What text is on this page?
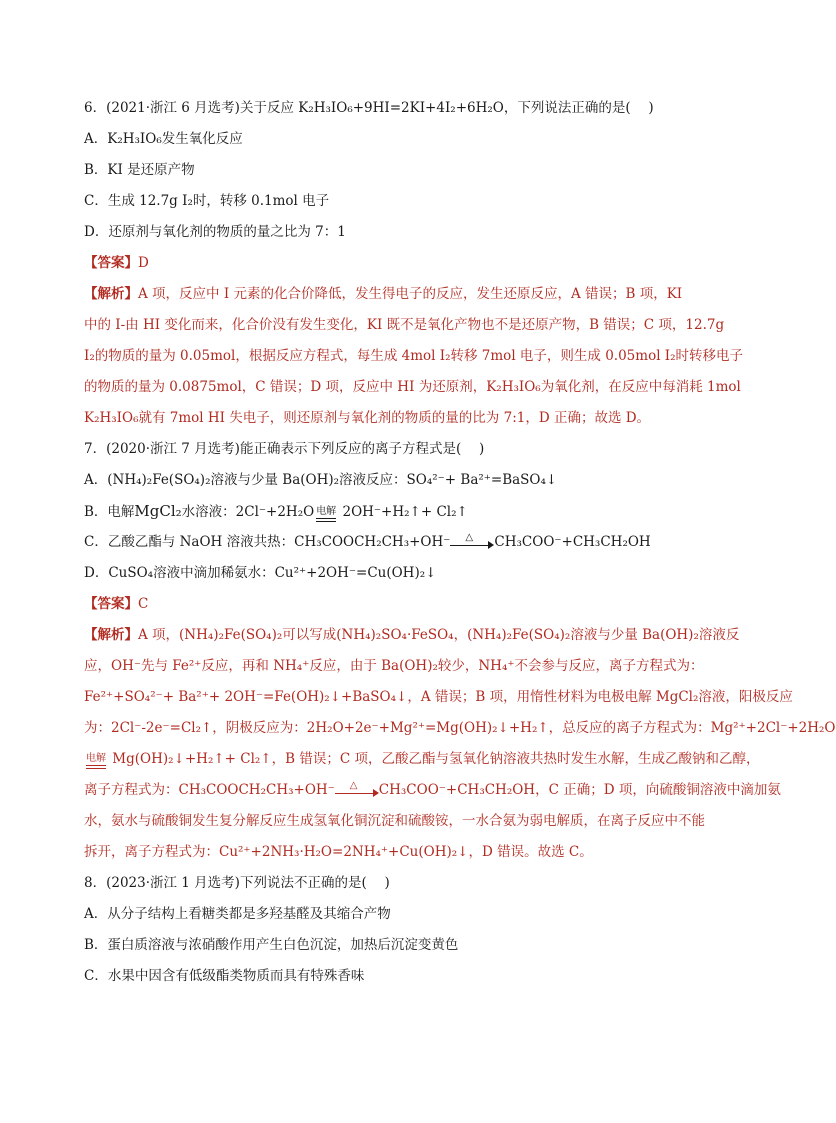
6．(2021·浙江 6 月选考)关于反应 K₂H₃IO₆+9HI=2KI+4I₂+6H₂O，下列说法正确的是(　 )
A．K₂H₃IO₆发生氧化反应
B．KI 是还原产物
C．生成 12.7g I₂时，转移 0.1mol 电子
D．还原剂与氧化剂的物质的量之比为 7：1
【答案】D
【解析】A 项，反应中 I 元素的化合价降低，发生得电子的反应，发生还原反应，A 错误；B 项，KI
中的 I-由 HI 变化而来，化合价没有发生变化，KI 既不是氧化产物也不是还原产物，B 错误；C 项，12.7g
I₂的物质的量为 0.05mol，根据反应方程式，每生成 4mol I₂转移 7mol 电子，则生成 0.05mol I₂时转移电子
的物质的量为 0.0875mol，C 错误；D 项，反应中 HI 为还原剂，K₂H₃IO₆为氧化剂，在反应中每消耗 1mol
K₂H₃IO₆就有 7mol HI 失电子，则还原剂与氧化剂的物质的量的比为 7:1，D 正确；故选 D。
7．(2020·浙江 7 月选考)能正确表示下列反应的离子方程式是(　 )
A．(NH₄)₂Fe(SO₄)₂溶液与少量 Ba(OH)₂溶液反应：SO₄²⁻+ Ba²⁺=BaSO₄↓
B．电解MgCl₂水溶液：2Cl⁻+2H₂O 电解
2OH⁻+H₂↑+ Cl₂↑
C．乙酸乙酯与 NaOH 溶液共热：CH₃COOCH₂CH₃+OH⁻ △ CH₃COO⁻+CH₃CH₂OH
D．CuSO₄溶液中滴加稀氨水：Cu²⁺+2OH⁻=Cu(OH)₂↓
【答案】C
【解析】A 项，(NH₄)₂Fe(SO₄)₂可以写成(NH₄)₂SO₄·FeSO₄，(NH₄)₂Fe(SO₄)₂溶液与少量 Ba(OH)₂溶液反
应，OH⁻先与 Fe²⁺反应，再和 NH₄⁺反应，由于 Ba(OH)₂较少，NH₄⁺不会参与反应，离子方程式为：
Fe²⁺+SO₄²⁻+ Ba²⁺+ 2OH⁻=Fe(OH)₂↓+BaSO₄↓，A 错误；B 项，用惰性材料为电极电解 MgCl₂溶液，阳极反应
为：2Cl⁻-2e⁻=Cl₂↑，阴极反应为：2H₂O+2e⁻+Mg²⁺=Mg(OH)₂↓+H₂↑，总反应的离子方程式为：Mg²⁺+2Cl⁻+2H₂O
电解
Mg(OH)₂↓+H₂↑+ Cl₂↑，B 错误；C 项，乙酸乙酯与氢氧化钠溶液共热时发生水解，生成乙酸钠和乙醇，
离子方程式为：CH₃COOCH₂CH₃+OH⁻ △ CH₃COO⁻+CH₃CH₂OH，C 正确；D 项，向硫酸铜溶液中滴加氨
水，氨水与硫酸铜发生复分解反应生成氢氧化铜沉淀和硫酸铵，一水合氨为弱电解质，在离子反应中不能
拆开，离子方程式为：Cu²⁺+2NH₃·H₂O=2NH₄⁺+Cu(OH)₂↓，D 错误。故选 C。
8．(2023·浙江 1 月选考)下列说法不正确的是(　 )
A．从分子结构上看糖类都是多羟基醛及其缩合产物
B．蛋白质溶液与浓硝酸作用产生白色沉淀，加热后沉淀变黄色
C．水果中因含有低级酯类物质而具有特殊香味
